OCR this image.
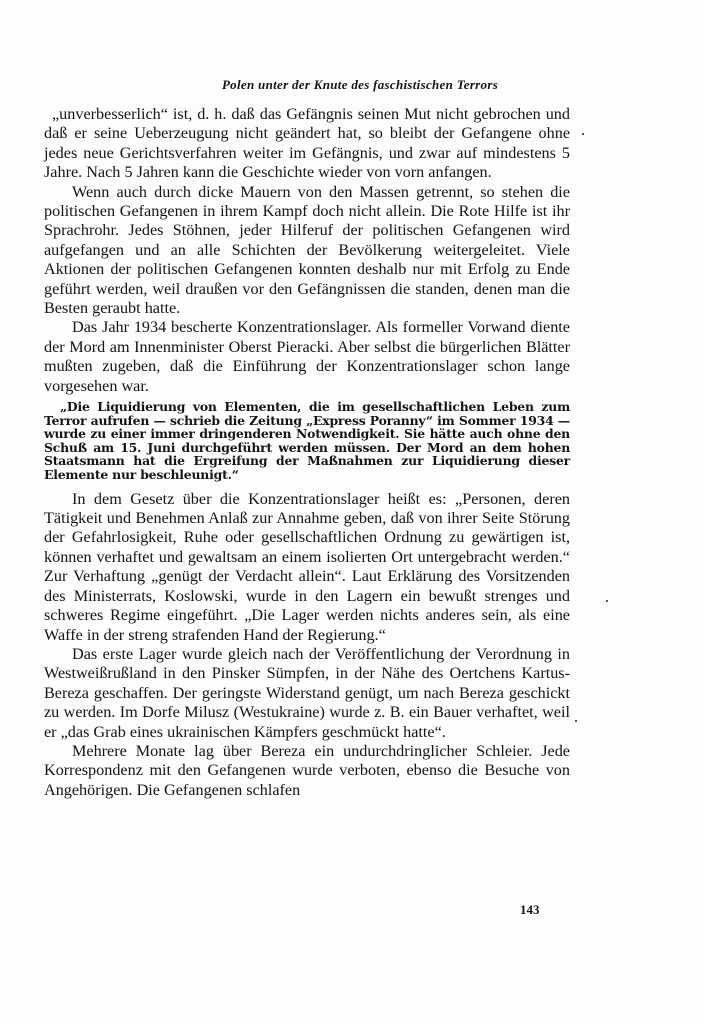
Polen unter der Knute des faschistischen Terrors

„unverbesserlich“ ist, d. h. daß das Gefängnis seinen Mut nicht gebrochen und daß er seine Ueberzeugung nicht geändert hat, so bleibt der Gefangene ohne jedes neue Gerichtsverfahren weiter im Gefängnis, und zwar auf mindestens 5 Jahre. Nach 5 Jahren kann die Geschichte wieder von vorn anfangen.

Wenn auch durch dicke Mauern von den Massen getrennt, so stehen die politischen Gefangenen in ihrem Kampf doch nicht allein. Die Rote Hilfe ist ihr Sprachrohr. Jedes Stöhnen, jeder Hilferuf der politischen Gefangenen wird aufgefangen und an alle Schichten der Bevölkerung weitergeleitet. Viele Aktionen der politischen Gefangenen konnten deshalb nur mit Erfolg zu Ende geführt werden, weil draußen vor den Gefängnissen die standen, denen man die Besten geraubt hatte.

Das Jahr 1934 bescherte Konzentrationslager. Als formeller Vorwand diente der Mord am Innenminister Oberst Pieracki. Aber selbst die bürgerlichen Blätter mußten zugeben, daß die Einführung der Konzentrationslager schon lange vorgesehen war.

„Die Liquidierung von Elementen, die im gesellschaftlichen Leben zum Terror aufrufen — schrieb die Zeitung „Express Poranny“ im Sommer 1934 — wurde zu einer immer dringenderen Notwendigkeit. Sie hätte auch ohne den Schuß am 15. Juni durchgeführt werden müssen. Der Mord an dem hohen Staatsmann hat die Ergreifung der Maßnahmen zur Liquidierung dieser Elemente nur beschleunigt.“

In dem Gesetz über die Konzentrationslager heißt es: „Personen, deren Tätigkeit und Benehmen Anlaß zur Annahme geben, daß von ihrer Seite Störung der Gefahrlosigkeit, Ruhe oder gesellschaftlichen Ordnung zu gewärtigen ist, können verhaftet und gewaltsam an einem isolierten Ort untergebracht werden.“ Zur Verhaftung „genügt der Verdacht allein“. Laut Erklärung des Vorsitzenden des Ministerrats, Koslowski, wurde in den Lagern ein bewußt strenges und schweres Regime eingeführt. „Die Lager werden nichts anderes sein, als eine Waffe in der streng strafenden Hand der Regierung.“

Das erste Lager wurde gleich nach der Veröffentlichung der Verordnung in Westweißrußland in den Pinsker Sümpfen, in der Nähe des Oertchens Kartus-Bereza geschaffen. Der geringste Widerstand genügt, um nach Bereza geschickt zu werden. Im Dorfe Milusz (Westukraine) wurde z. B. ein Bauer verhaftet, weil er „das Grab eines ukrainischen Kämpfers geschmückt hatte“.

Mehrere Monate lag über Bereza ein undurchdringlicher Schleier. Jede Korrespondenz mit den Gefangenen wurde verboten, ebenso die Besuche von Angehörigen. Die Gefangenen schlafen

143
